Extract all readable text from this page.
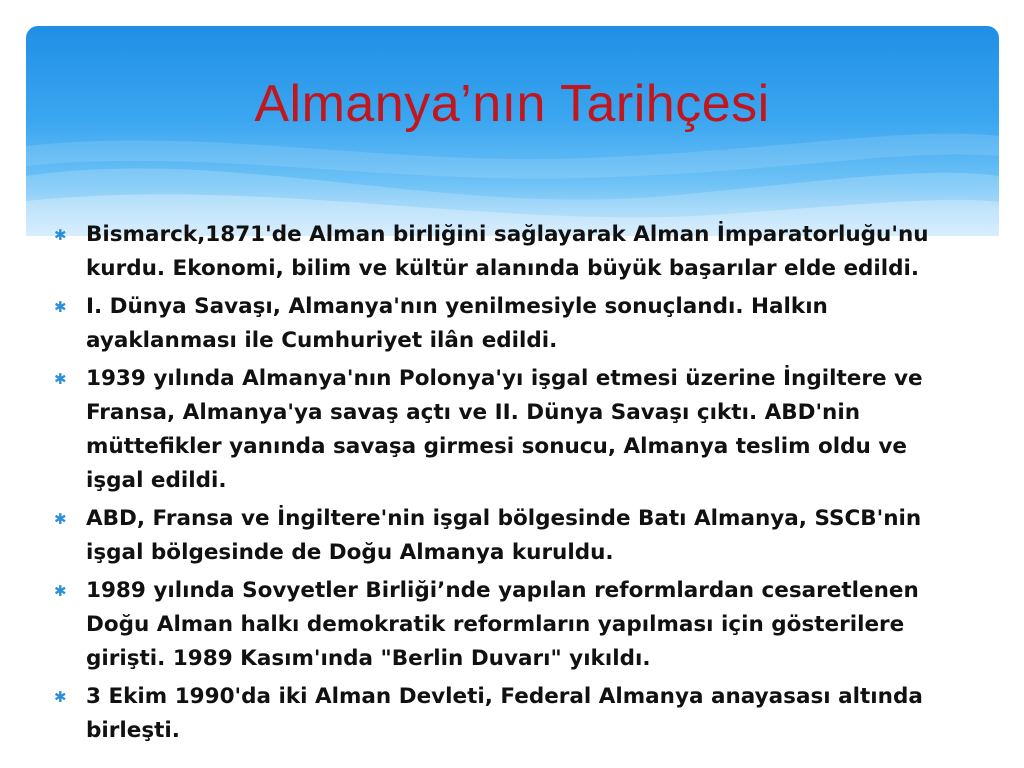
Almanya’nın Tarihçesi
✱ Bismarck,1871'de Alman birliğini sağlayarak Alman İmparatorluğu'nu kurdu. Ekonomi, bilim ve kültür alanında büyük başarılar elde edildi.
✱ I. Dünya Savaşı, Almanya'nın yenilmesiyle sonuçlandı. Halkın ayaklanması ile Cumhuriyet ilân edildi.
✱ 1939 yılında Almanya'nın Polonya'yı işgal etmesi üzerine İngiltere ve Fransa, Almanya'ya savaş açtı ve II. Dünya Savaşı çıktı. ABD'nin müttefikler yanında savaşa girmesi sonucu, Almanya teslim oldu ve işgal edildi.
✱ ABD, Fransa ve İngiltere'nin işgal bölgesinde Batı Almanya, SSCB'nin işgal bölgesinde de Doğu Almanya kuruldu.
✱ 1989 yılında Sovyetler Birliği’nde yapılan reformlardan cesaretlenen Doğu Alman halkı demokratik reformların yapılması için gösterilere girişti. 1989 Kasım'ında "Berlin Duvarı" yıkıldı.
✱ 3 Ekim 1990'da iki Alman Devleti, Federal Almanya anayasası altında birleşti.
